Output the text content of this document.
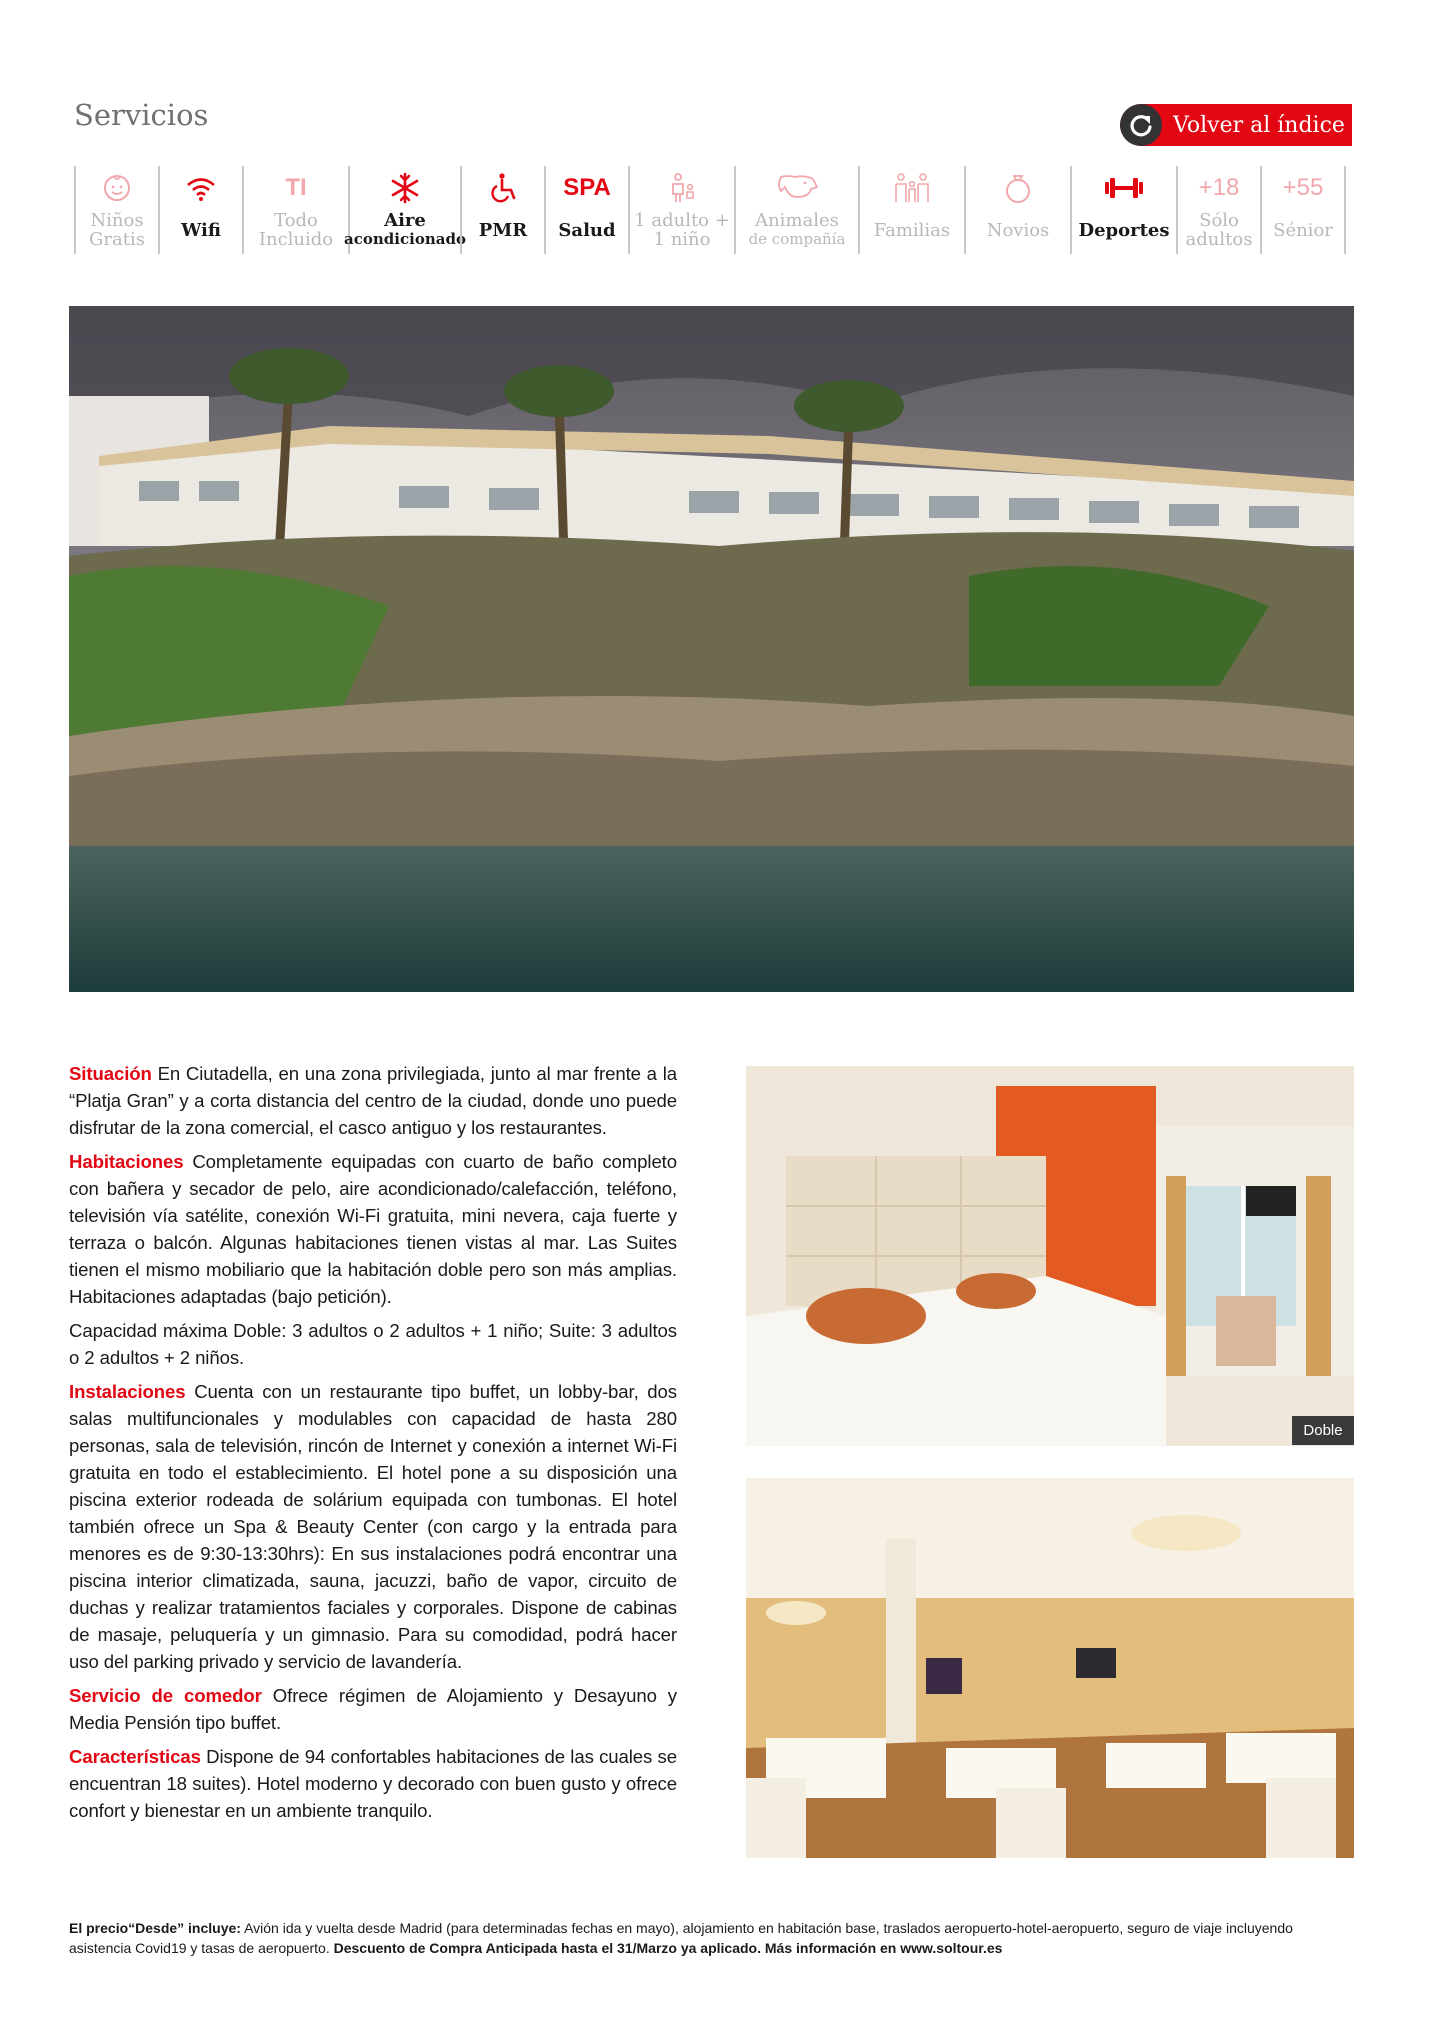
Servicios	Volver al índice
Niños
Gratis Wifi
TI
Todo
Incluido
Aire
acondicionado PMR
SPA
Salud 1 adulto +
1 niño
Animales
de compañía Familias Novios Deportes
+18
Sólo
adultos
+55
Sénior
Doble

Situación En Ciutadella, en una zona privilegiada, junto al mar frente a la “Platja Gran” y a corta distancia del centro de la ciudad, donde uno puede disfrutar de la zona comercial, el casco antiguo y los restaurantes.

Habitaciones Completamente equipadas con cuarto de baño completo con bañera y secador de pelo, aire acondicionado/calefacción, teléfono, televisión vía satélite, conexión Wi-Fi gratuita, mini nevera, caja fuerte y terraza o balcón. Algunas habitaciones tienen vistas al mar. Las Suites tienen el mismo mobiliario que la habitación doble pero son más amplias. Habitaciones adaptadas (bajo petición).

Capacidad máxima Doble: 3 adultos o 2 adultos + 1 niño; Suite: 3 adultos o 2 adultos + 2 niños.

Instalaciones Cuenta con un restaurante tipo buffet, un lobby-bar, dos salas multifuncionales y modulables con capacidad de hasta 280 personas, sala de televisión, rincón de Internet y conexión a internet Wi-Fi gratuita en todo el establecimiento. El hotel pone a su disposición una piscina exterior rodeada de solárium equipada con tumbonas. El hotel también ofrece un Spa & Beauty Center (con cargo y la entrada para menores es de 9:30-13:30hrs): En sus instalaciones podrá encontrar una piscina interior climatizada, sauna, jacuzzi, baño de vapor, circuito de duchas y realizar tratamientos faciales y corporales. Dispone de cabinas de masaje, peluquería y un gimnasio. Para su comodidad, podrá hacer uso del parking privado y servicio de lavandería.

Servicio de comedor Ofrece régimen de Alojamiento y Desayuno y Media Pensión tipo buffet.

Características Dispone de 94 confortables habitaciones de las cuales se encuentran 18 suites). Hotel moderno y decorado con buen gusto y ofrece confort y bienestar en un ambiente tranquilo.

El precio“Desde” incluye: Avión ida y vuelta desde Madrid (para determinadas fechas en mayo), alojamiento en habitación base, traslados aeropuerto-hotel-aeropuerto, seguro de viaje incluyendo asistencia Covid19 y tasas de aeropuerto. Descuento de Compra Anticipada hasta el 31/Marzo ya aplicado. Más información en www.soltour.es
